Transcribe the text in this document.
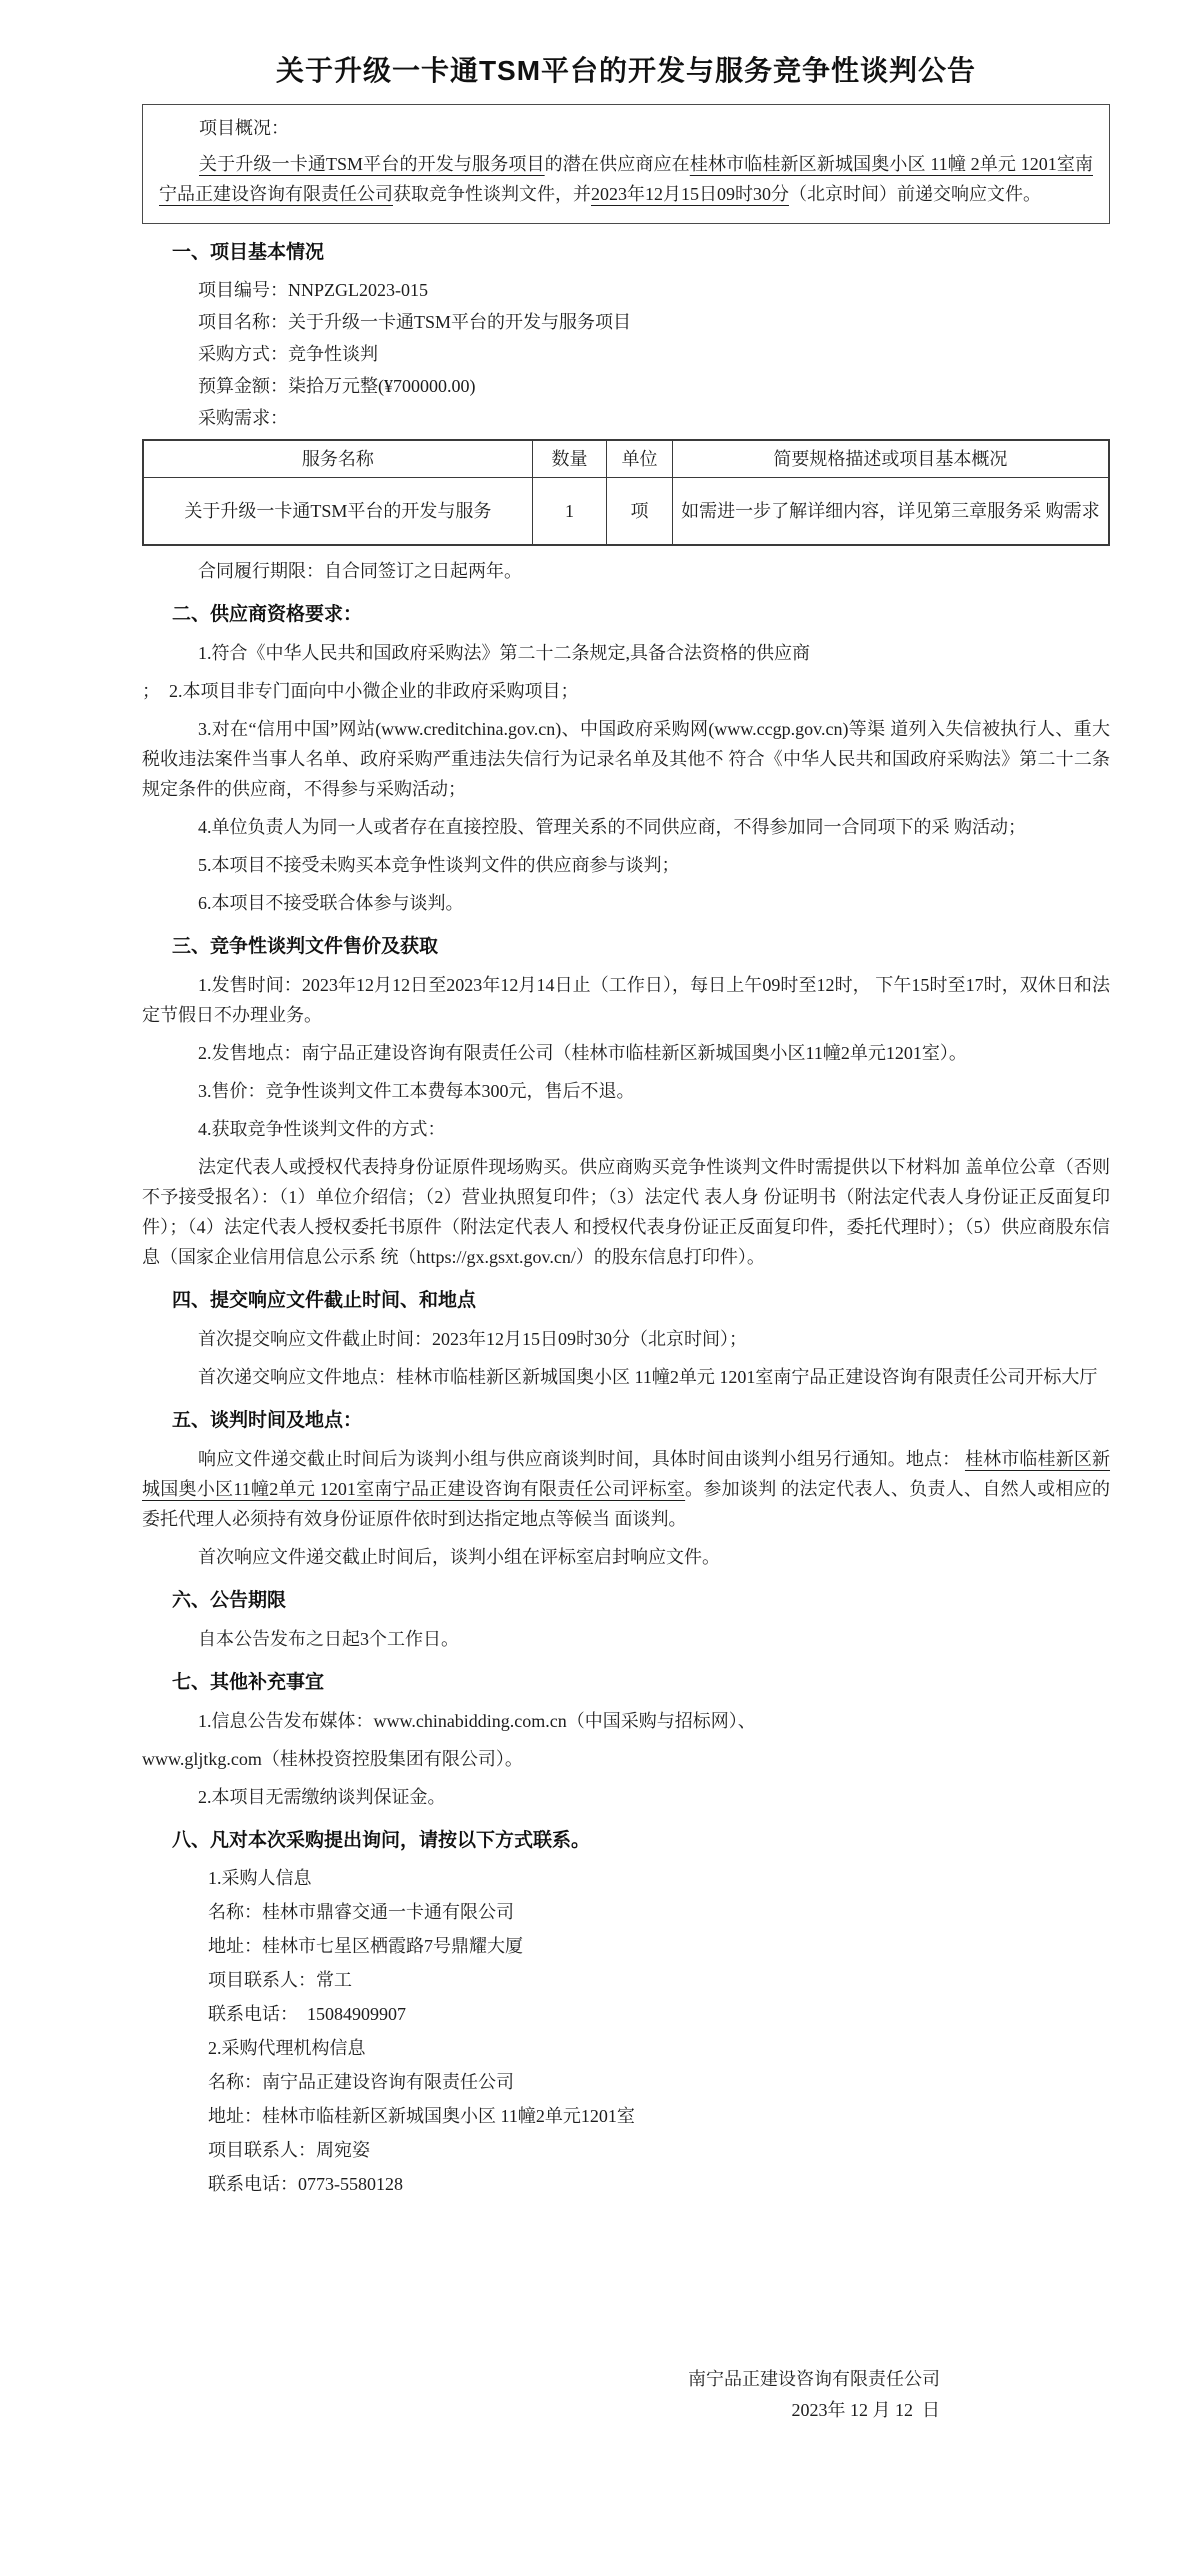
关于升级一卡通TSM平台的开发与服务竞争性谈判公告
项目概况：

关于升级一卡通TSM平台的开发与服务项目的潜在供应商应在桂林市临桂新区新城国奥小区 11幢 2单元 1201室南宁品正建设咨询有限责任公司获取竞争性谈判文件，并2023年12月15日09时30分（北京时间）前递交响应文件。

一、项目基本情况
项目编号：NNPZGL2023-015
项目名称：关于升级一卡通TSM平台的开发与服务项目
采购方式：竞争性谈判
预算金额：柒拾万元整(¥700000.00)
采购需求：
服务名称	数量	单位	简要规格描述或项目基本概况
关于升级一卡通TSM平台的开发与服务	1	项	如需进一步了解详细内容，详见第三章服务采 购需求
合同履行期限：自合同签订之日起两年。
二、供应商资格要求：

1.符合《中华人民共和国政府采购法》第二十二条规定,具备合法资格的供应商

；  2.本项目非专门面向中小微企业的非政府采购项目；

3.对在“信用中国”网站(www.creditchina.gov.cn)、中国政府采购网(www.ccgp.gov.cn)等渠 道列入失信被执行人、重大税收违法案件当事人名单、政府采购严重违法失信行为记录名单及其他不 符合《中华人民共和国政府采购法》第二十二条规定条件的供应商，不得参与采购活动；

4.单位负责人为同一人或者存在直接控股、管理关系的不同供应商，不得参加同一合同项下的采 购活动；

5.本项目不接受未购买本竞争性谈判文件的供应商参与谈判；

6.本项目不接受联合体参与谈判。

三、竞争性谈判文件售价及获取

1.发售时间：2023年12月12日至2023年12月14日止（工作日），每日上午09时至12时， 下午15时至17时，双休日和法定节假日不办理业务。

2.发售地点：南宁品正建设咨询有限责任公司（桂林市临桂新区新城国奥小区11幢2单元1201室）。

3.售价：竞争性谈判文件工本费每本300元，售后不退。

4.获取竞争性谈判文件的方式：

法定代表人或授权代表持身份证原件现场购买。供应商购买竞争性谈判文件时需提供以下材料加 盖单位公章（否则不予接受报名）：（1）单位介绍信；（2）营业执照复印件；（3）法定代 表人身 份证明书（附法定代表人身份证正反面复印件）；（4）法定代表人授权委托书原件（附法定代表人 和授权代表身份证正反面复印件，委托代理时）；（5）供应商股东信息（国家企业信用信息公示系 统（https://gx.gsxt.gov.cn/）的股东信息打印件）。

四、提交响应文件截止时间、和地点

首次提交响应文件截止时间：2023年12月15日09时30分（北京时间）；

首次递交响应文件地点：桂林市临桂新区新城国奥小区 11幢2单元 1201室南宁品正建设咨询有限责任公司开标大厅

五、谈判时间及地点：

响应文件递交截止时间后为谈判小组与供应商谈判时间，具体时间由谈判小组另行通知。地点： 桂林市临桂新区新城国奥小区11幢2单元 1201室南宁品正建设咨询有限责任公司评标室。参加谈判 的法定代表人、负责人、自然人或相应的委托代理人必须持有效身份证原件依时到达指定地点等候当 面谈判。

首次响应文件递交截止时间后，谈判小组在评标室启封响应文件。

六、公告期限

自本公告发布之日起3个工作日。

七、其他补充事宜

1.信息公告发布媒体：www.chinabidding.com.cn（中国采购与招标网）、

www.gljtkg.com（桂林投资控股集团有限公司）。

2.本项目无需缴纳谈判保证金。

八、凡对本次采购提出询问，请按以下方式联系。
1.采购人信息
名称：桂林市鼎睿交通一卡通有限公司
地址：桂林市七星区栖霞路7号鼎耀大厦
项目联系人：常工
联系电话：  15084909907
2.采购代理机构信息
名称：南宁品正建设咨询有限责任公司
地址：桂林市临桂新区新城国奥小区 11幢2单元1201室
项目联系人：周宛姿
联系电话：0773-5580128
南宁品正建设咨询有限责任公司
2023年 12 月 12  日
